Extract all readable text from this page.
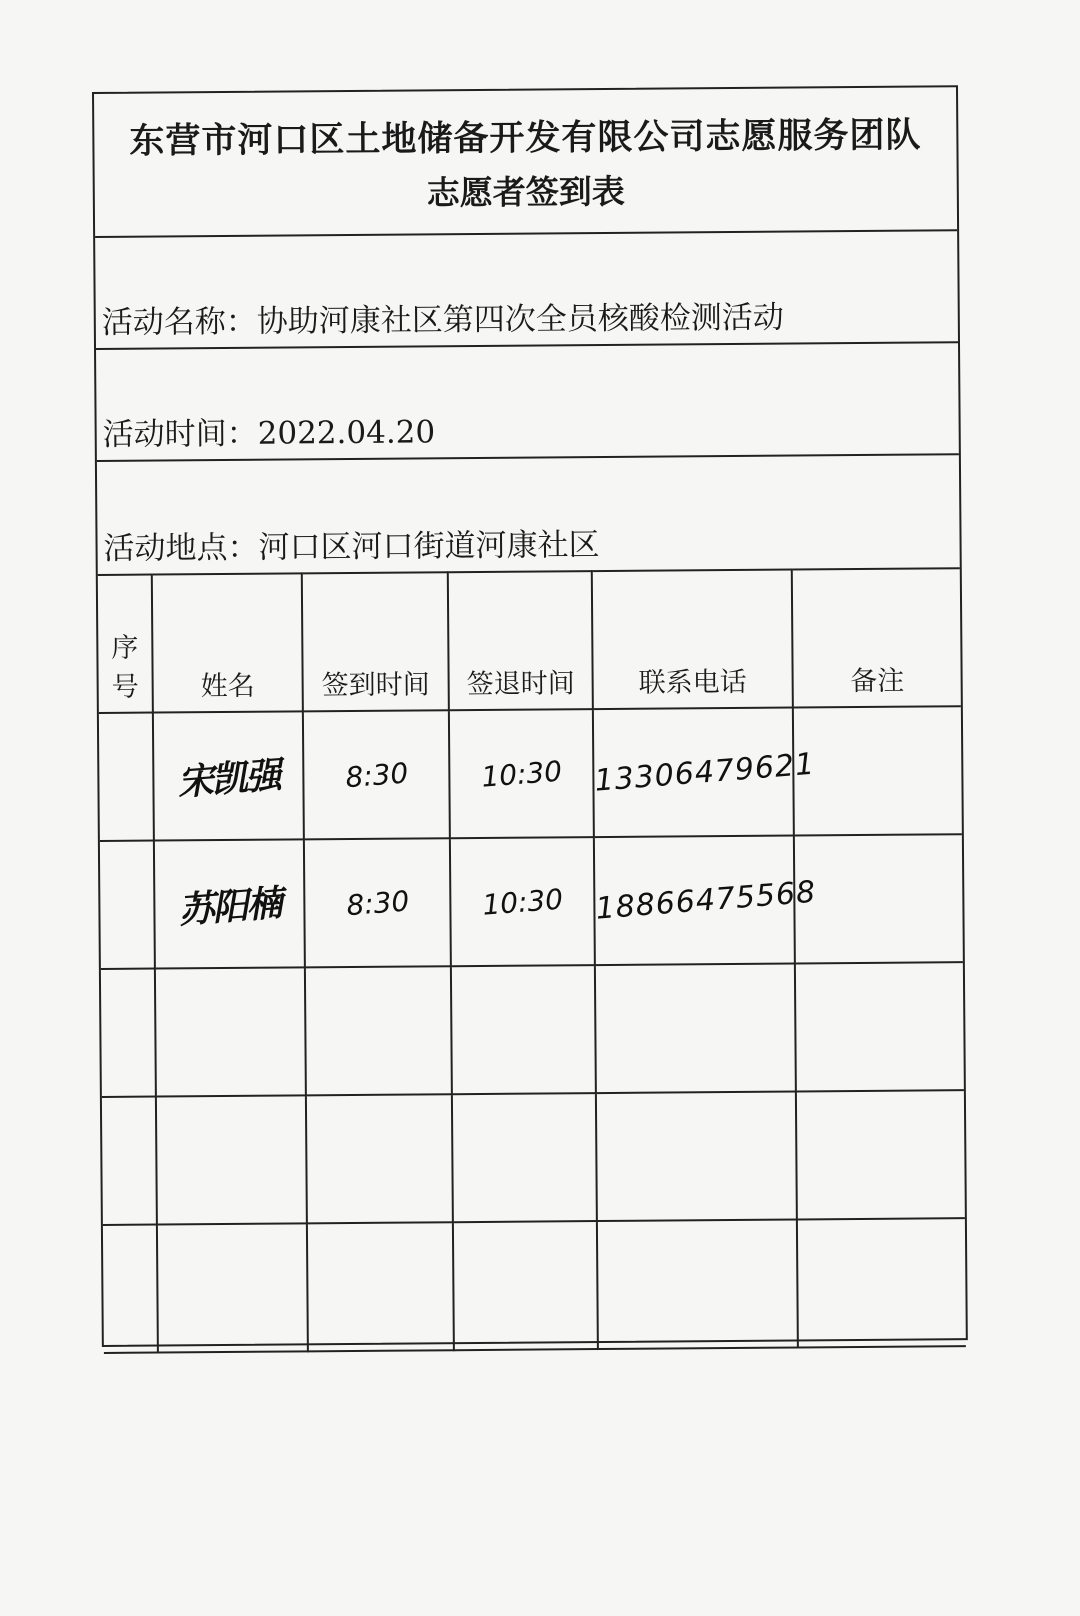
东营市河口区土地储备开发有限公司志愿服务团队
志愿者签到表
活动名称：协助河康社区第四次全员核酸检测活动
活动时间：2022.04.20
活动地点：河口区河口街道河康社区
序号	姓名	签到时间	签退时间	联系电话	备注
	宋凯强	8:30	10:30	13306479621	
	苏阳楠	8:30	10:30	18866475568	
